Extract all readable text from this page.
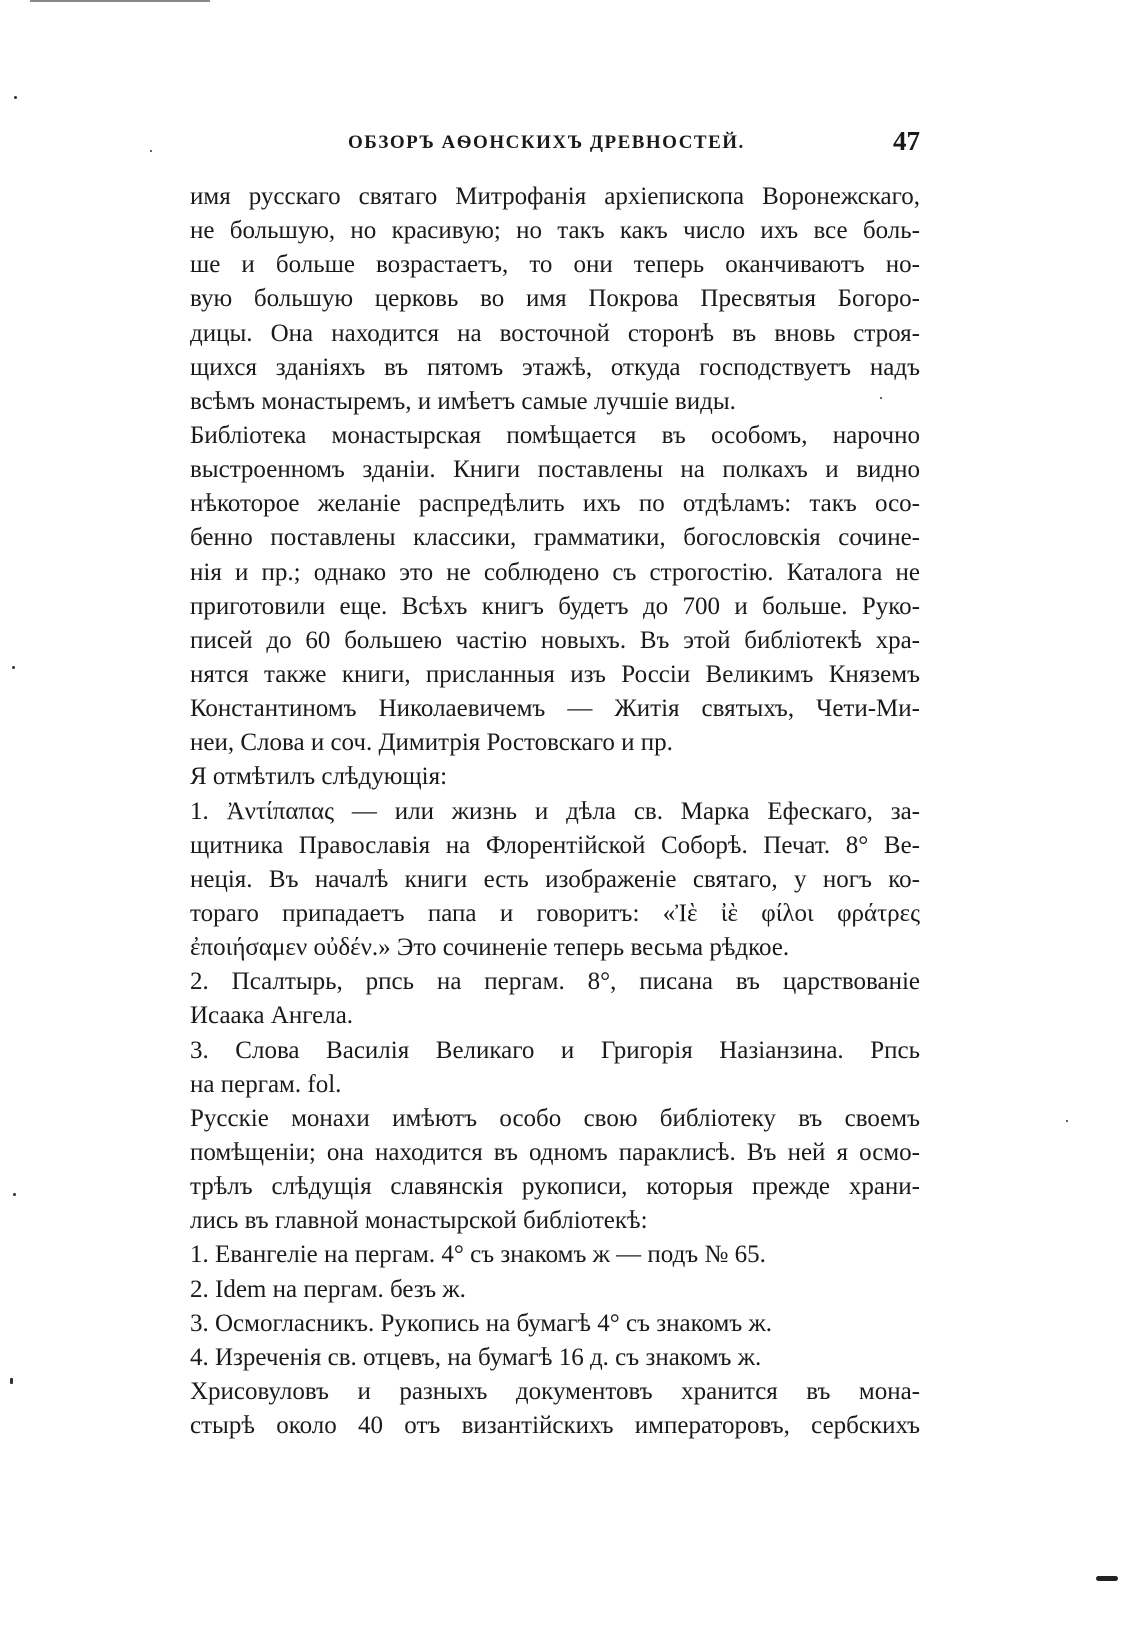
ОБЗОРЪ АѲОНСКИХЪ ДРЕВНОСТЕЙ.	47
имя русскаго святаго Митрофанія архіепископа Воронежскаго,
не большую, но красивую; но такъ какъ число ихъ все боль-
ше и больше возрастаетъ, то они теперь оканчиваютъ но-
вую большую церковь во имя Покрова Пресвятыя Богоро-
дицы. Она находится на восточной сторонѣ въ вновь строя-
щихся зданіяхъ въ пятомъ этажѣ, откуда господствуетъ надъ
всѣмъ монастыремъ, и имѣетъ самые лучшіе виды.
Библіотека монастырская помѣщается въ особомъ, нарочно
выстроенномъ зданіи. Книги поставлены на полкахъ и видно
нѣкоторое желаніе распредѣлить ихъ по отдѣламъ: такъ осо-
бенно поставлены классики, грамматики, богословскія сочине-
нія и пр.; однако это не соблюдено съ строгостію. Каталога не
приготовили еще. Всѣхъ книгъ будетъ до 700 и больше. Руко-
писей до 60 большею частію новыхъ. Въ этой библіотекѣ хра-
нятся также книги, присланныя изъ Россіи Великимъ Княземъ
Константиномъ Николаевичемъ — Житія святыхъ, Чети-Ми-
неи, Слова и соч. Димитрія Ростовскаго и пр.
Я отмѣтилъ слѣдующія:
1. Ἀντίπαπας — или жизнь и дѣла св. Марка Ефескаго, за-
щитника Православія на Флорентійской Соборѣ. Печат. 8° Ве-
неція. Въ началѣ книги есть изображеніе святаго, у ногъ ко-
тораго припадаетъ папа и говоритъ: «Ἰὲ ἰὲ φίλοι φράτρες
ἐποιήσαμεν οὐδέν.» Это сочиненіе теперь весьма рѣдкое.
2. Псалтырь, рпсь на пергам. 8°, писана въ царствованіе
Исаака Ангела.
3. Слова Василія Великаго и Григорія Назіанзина. Рпсь
на пергам. fol.
Русскіе монахи имѣютъ особо свою библіотеку въ своемъ
помѣщеніи; она находится въ одномъ параклисѣ. Въ ней я осмо-
трѣлъ слѣдущія славянскія рукописи, которыя прежде храни-
лись въ главной монастырской библіотекѣ:
1. Евангеліе на пергам. 4° съ знакомъ ж — подъ № 65.
2. Idem на пергам. безъ ж.
3. Осмогласникъ. Рукопись на бумагѣ 4° съ знакомъ ж.
4. Изреченія св. отцевъ, на бумагѣ 16 д. съ знакомъ ж.
Хрисовуловъ и разныхъ документовъ хранится въ мона-
стырѣ около 40 отъ византійскихъ императоровъ, сербскихъ
